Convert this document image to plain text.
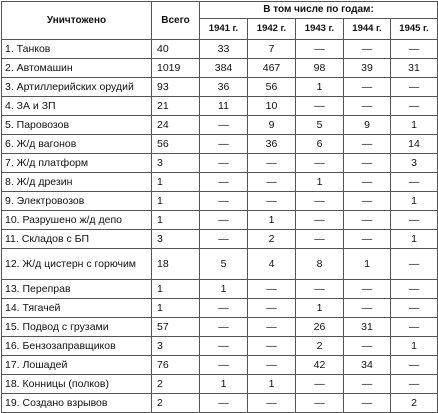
Уничтожено	Всего	В том числе по годам:				
		1941 г.	1942 г.	1943 г.	1944 г.	1945 г.
1. Танков	40	33	7	—	—	—
2. Автомашин	1019	384	467	98	39	31
3. Артиллерийских орудий	93	36	56	1	—	—
4. ЗА и ЗП	21	11	10	—	—	—
5. Паровозов	24	—	9	5	9	1
6. Ж/д вагонов	56	—	36	6	—	14
7. Ж/д платформ	3	—	—	—	—	3
8. Ж/д дрезин	1	—	—	1	—	—
9. Электровозов	1	—	—	—	—	1
10. Разрушено ж/д депо	1	—	1	—	—	—
11. Складов с БП	3	—	2	—	—	1
12. Ж/д цистерн с горючим	18	5	4	8	1	—
13. Переправ	1	1	—	—	—	—
14. Тягачей	1	—	—	1	—	—
15. Подвод с грузами	57	—	—	26	31	—
16. Бензозаправщиков	3	—	—	2	—	1
17. Лошадей	76	—	—	42	34	—
18. Конницы (полков)	2	1	1	—	—	—
19. Создано взрывов	2	—	—	—	—	2
